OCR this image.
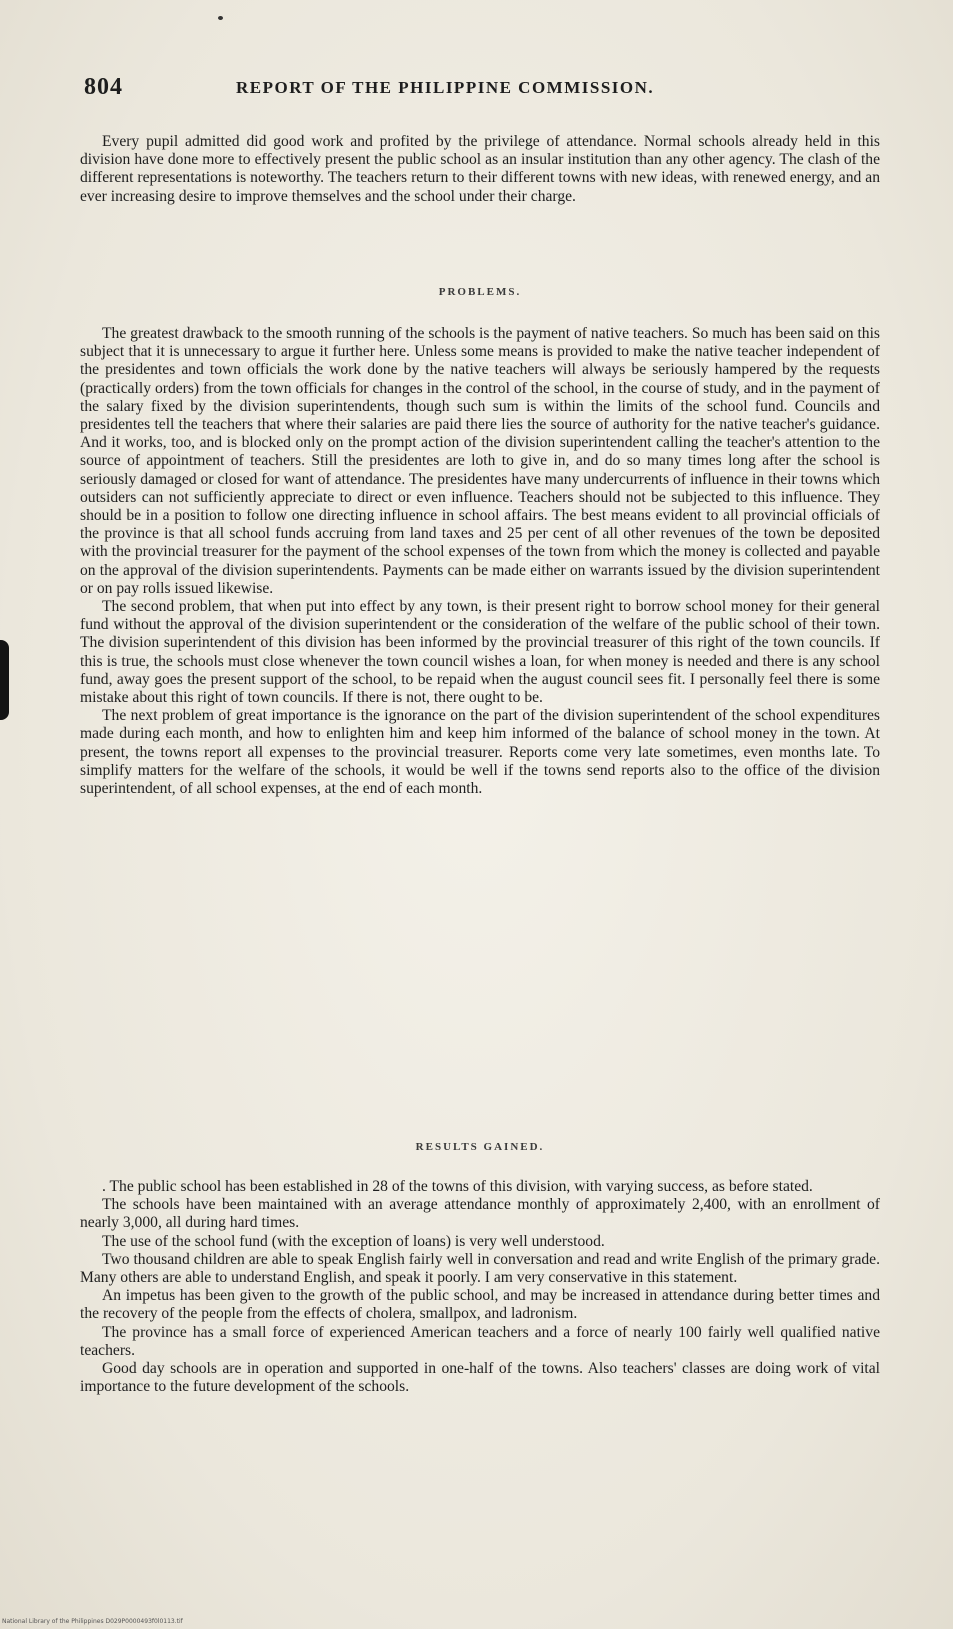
804	REPORT OF THE PHILIPPINE COMMISSION.

Every pupil admitted did good work and profited by the privilege of attendance. Normal schools already held in this division have done more to effectively present the public school as an insular institution than any other agency. The clash of the different representations is noteworthy. The teachers return to their different towns with new ideas, with renewed energy, and an ever increasing desire to improve themselves and the school under their charge.

PROBLEMS.

The greatest drawback to the smooth running of the schools is the payment of native teachers. So much has been said on this subject that it is unnecessary to argue it further here. Unless some means is provided to make the native teacher independent of the presidentes and town officials the work done by the native teachers will always be seriously hampered by the requests (practically orders) from the town officials for changes in the control of the school, in the course of study, and in the payment of the salary fixed by the division superintendents, though such sum is within the limits of the school fund. Councils and presidentes tell the teachers that where their salaries are paid there lies the source of authority for the native teacher's guidance. And it works, too, and is blocked only on the prompt action of the division superintendent calling the teacher's attention to the source of appointment of teachers. Still the presidentes are loth to give in, and do so many times long after the school is seriously damaged or closed for want of attendance. The presidentes have many undercurrents of influence in their towns which outsiders can not sufficiently appreciate to direct or even influence. Teachers should not be subjected to this influence. They should be in a position to follow one directing influence in school affairs. The best means evident to all provincial officials of the province is that all school funds accruing from land taxes and 25 per cent of all other revenues of the town be deposited with the provincial treasurer for the payment of the school expenses of the town from which the money is collected and payable on the approval of the division superintendents. Payments can be made either on warrants issued by the division superintendent or on pay rolls issued likewise.

The second problem, that when put into effect by any town, is their present right to borrow school money for their general fund without the approval of the division superintendent or the consideration of the welfare of the public school of their town. The division superintendent of this division has been informed by the provincial treasurer of this right of the town councils. If this is true, the schools must close whenever the town council wishes a loan, for when money is needed and there is any school fund, away goes the present support of the school, to be repaid when the august council sees fit. I personally feel there is some mistake about this right of town councils. If there is not, there ought to be.

The next problem of great importance is the ignorance on the part of the division superintendent of the school expenditures made during each month, and how to enlighten him and keep him informed of the balance of school money in the town. At present, the towns report all expenses to the provincial treasurer. Reports come very late sometimes, even months late. To simplify matters for the welfare of the schools, it would be well if the towns send reports also to the office of the division superintendent, of all school expenses, at the end of each month.

RESULTS GAINED.

. The public school has been established in 28 of the towns of this division, with varying success, as before stated.

The schools have been maintained with an average attendance monthly of approximately 2,400, with an enrollment of nearly 3,000, all during hard times.

The use of the school fund (with the exception of loans) is very well understood.

Two thousand children are able to speak English fairly well in conversation and read and write English of the primary grade. Many others are able to understand English, and speak it poorly. I am very conservative in this statement.

An impetus has been given to the growth of the public school, and may be increased in attendance during better times and the recovery of the people from the effects of cholera, smallpox, and ladronism.

The province has a small force of experienced American teachers and a force of nearly 100 fairly well qualified native teachers.

Good day schools are in operation and supported in one-half of the towns. Also teachers' classes are doing work of vital importance to the future development of the schools.

National Library of the Philippines D029P0000493f0l0113.tif
